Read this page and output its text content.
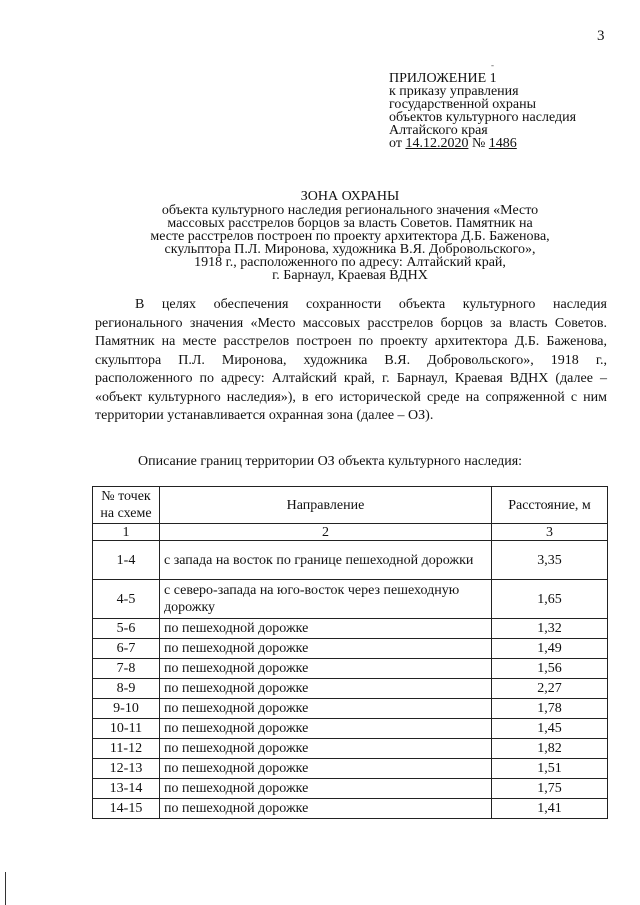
3
-
ПРИЛОЖЕНИЕ 1
к приказу управления
государственной охраны
объектов культурного наследия
Алтайского края
от 14.12.2020 № 1486
ЗОНА ОХРАНЫ
объекта культурного наследия регионального значения «Место
массовых расстрелов борцов за власть Советов. Памятник на
месте расстрелов построен по проекту архитектора Д.Б. Баженова,
скульптора П.Л. Миронова, художника В.Я. Добровольского»,
1918 г., расположенного по адресу: Алтайский край,
г. Барнаул, Краевая ВДНХ

В целях обеспечения сохранности объекта культурного наследия регионального значения «Место массовых расстрелов борцов за власть Советов. Памятник на месте расстрелов построен по проекту архитектора Д.Б. Баженова, скульптора П.Л. Миронова, художника В.Я. Добровольского», 1918 г., расположенного по адресу: Алтайский край, г. Барнаул, Краевая ВДНХ (далее – «объект культурного наследия»), в его исторической среде на сопряженной с ним территории устанавливается охранная зона (далее – ОЗ).

Описание границ территории ОЗ объекта культурного наследия:
№ точек на схеме	Направление	Расстояние, м
1	2	3
1-4	с запада на восток по границе пешеходной дорожки	3,35
4-5	с северо-запада на юго-восток через пешеходную дорожку	1,65
5-6	по пешеходной дорожке	1,32
6-7	по пешеходной дорожке	1,49
7-8	по пешеходной дорожке	1,56
8-9	по пешеходной дорожке	2,27
9-10	по пешеходной дорожке	1,78
10-11	по пешеходной дорожке	1,45
11-12	по пешеходной дорожке	1,82
12-13	по пешеходной дорожке	1,51
13-14	по пешеходной дорожке	1,75
14-15	по пешеходной дорожке	1,41
